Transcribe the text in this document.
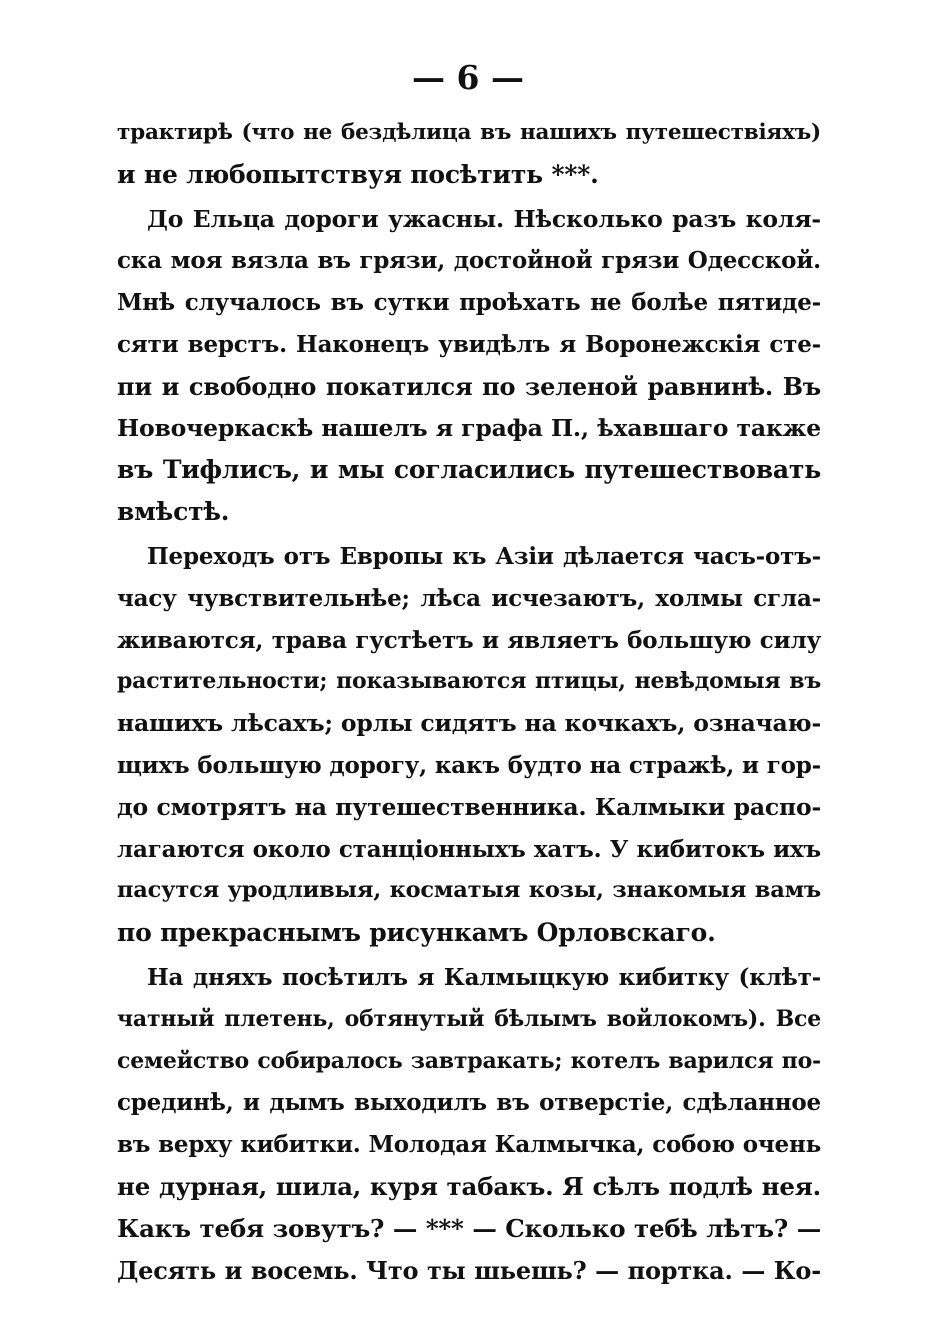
— 6 —
трактирѣ (что не бездѣлица въ нашихъ путешествіяхъ)
и не любопытствуя посѣтить ***.
До Ельца дороги ужасны. Нѣсколько разъ коля-
ска моя вязла въ грязи, достойной грязи Одесской.
Мнѣ случалось въ сутки проѣхать не болѣе пятиде-
сяти верстъ. Наконецъ увидѣлъ я Воронежскія сте-
пи и свободно покатился по зеленой равнинѣ. Въ
Новочеркаскѣ нашелъ я графа П., ѣхавшаго также
въ Тифлисъ, и мы согласились путешествовать
вмѣстѣ.
Переходъ отъ Европы къ Азіи дѣлается часъ-отъ-
часу чувствительнѣе; лѣса исчезаютъ, холмы сгла-
живаются, трава густѣетъ и являетъ большую силу
растительности; показываются птицы, невѣдомыя въ
нашихъ лѣсахъ; орлы сидятъ на кочкахъ, означаю-
щихъ большую дорогу, какъ будто на стражѣ, и гор-
до смотрятъ на путешественника. Калмыки распо-
лагаются около станціонныхъ хатъ. У кибитокъ ихъ
пасутся уродливыя, косматыя козы, знакомыя вамъ
по прекраснымъ рисункамъ Орловскаго.
На дняхъ посѣтилъ я Калмыцкую кибитку (клѣт-
чатный плетень, обтянутый бѣлымъ войлокомъ). Все
семейство собиралось завтракать; котелъ варился по-
срединѣ, и дымъ выходилъ въ отверстіе, сдѣланное
въ верху кибитки. Молодая Калмычка, собою очень
не дурная, шила, куря табакъ. Я сѣлъ подлѣ нея.
Какъ тебя зовутъ? — *** — Сколько тебѣ лѣтъ? —
Десять и восемь. Что ты шьешь? — портка. — Ко-
